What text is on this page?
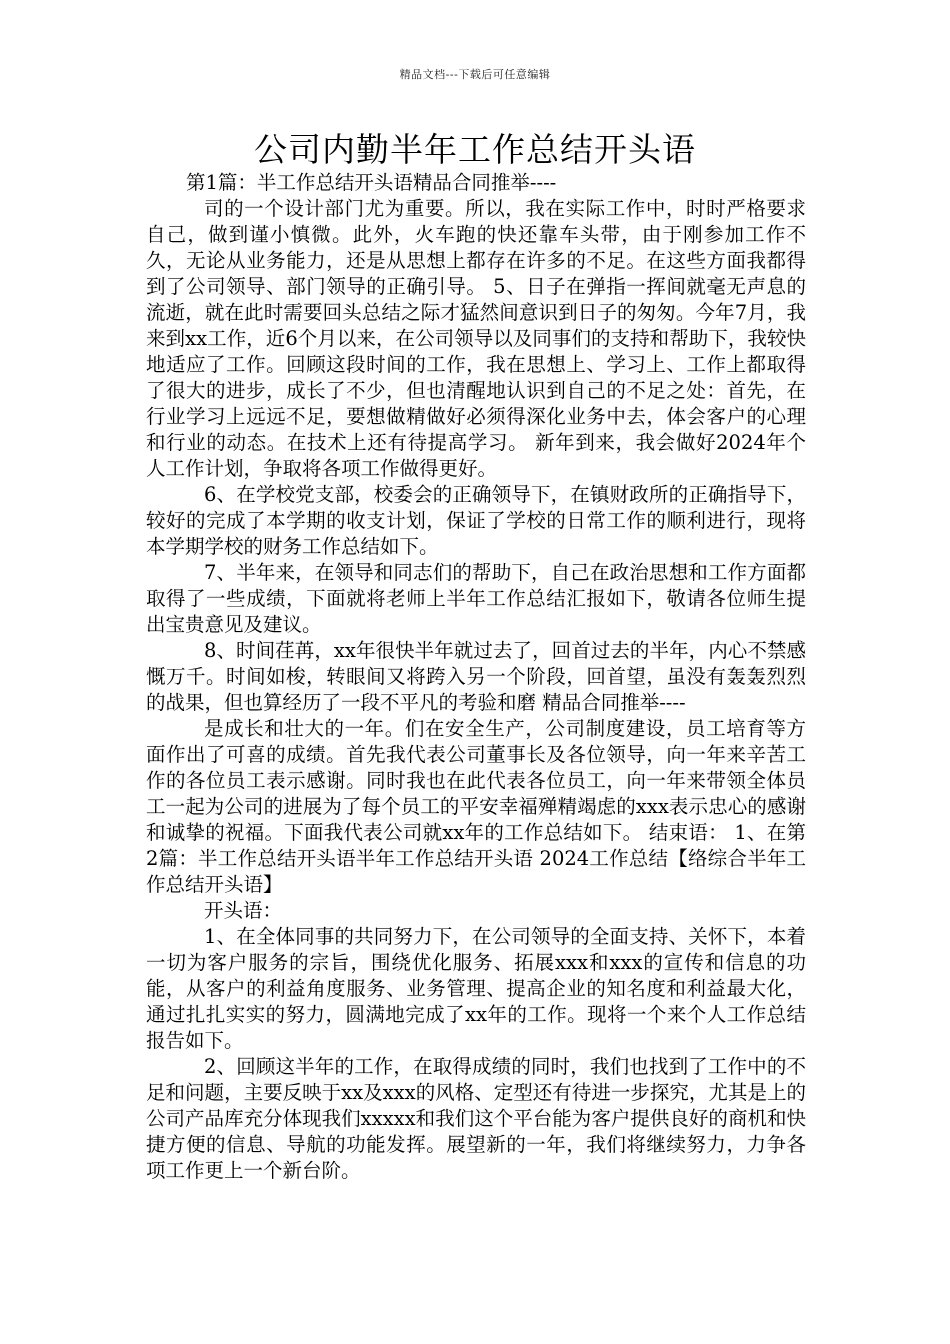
精品文档---下载后可任意编辑
公司内勤半年工作总结开头语

第1篇：半工作总结开头语精品合同推举----

司的一个设计部门尤为重要。所以，我在实际工作中，时时严格要求自己，做到谨小慎微。此外，火车跑的快还靠车头带，由于刚参加工作不久，无论从业务能力，还是从思想上都存在许多的不足。在这些方面我都得到了公司领导、部门领导的正确引导。 5、日子在弹指一挥间就毫无声息的流逝，就在此时需要回头总结之际才猛然间意识到日子的匆匆。今年7月，我来到xx工作，近6个月以来，在公司领导以及同事们的支持和帮助下，我较快地适应了工作。回顾这段时间的工作，我在思想上、学习上、工作上都取得了很大的进步，成长了不少，但也清醒地认识到自己的不足之处：首先，在行业学习上远远不足，要想做精做好必须得深化业务中去，体会客户的心理和行业的动态。在技术上还有待提高学习。 新年到来，我会做好2024年个人工作计划，争取将各项工作做得更好。

6、在学校党支部，校委会的正确领导下，在镇财政所的正确指导下，较好的完成了本学期的收支计划，保证了学校的日常工作的顺利进行，现将本学期学校的财务工作总结如下。

7、半年来，在领导和同志们的帮助下，自己在政治思想和工作方面都取得了一些成绩，下面就将老师上半年工作总结汇报如下，敬请各位师生提出宝贵意见及建议。

8、时间荏苒，xx年很快半年就过去了，回首过去的半年，内心不禁感慨万千。时间如梭，转眼间又将跨入另一个阶段，回首望，虽没有轰轰烈烈的战果，但也算经历了一段不平凡的考验和磨 精品合同推举----

是成长和壮大的一年。们在安全生产，公司制度建设，员工培育等方面作出了可喜的成绩。首先我代表公司董事长及各位领导，向一年来辛苦工作的各位员工表示感谢。同时我也在此代表各位员工，向一年来带领全体员工一起为公司的进展为了每个员工的平安幸福殚精竭虑的xxx表示忠心的感谢和诚挚的祝福。下面我代表公司就xx年的工作总结如下。 结束语： 1、在第2篇：半工作总结开头语半年工作总结开头语 2024工作总结【络综合半年工作总结开头语】

开头语：

1、在全体同事的共同努力下，在公司领导的全面支持、关怀下，本着一切为客户服务的宗旨，围绕优化服务、拓展xxx和xxx的宣传和信息的功能，从客户的利益角度服务、业务管理、提高企业的知名度和利益最大化，通过扎扎实实的努力，圆满地完成了xx年的工作。现将一个来个人工作总结报告如下。

2、回顾这半年的工作，在取得成绩的同时，我们也找到了工作中的不足和问题，主要反映于xx及xxx的风格、定型还有待进一步探究，尤其是上的公司产品库充分体现我们xxxxx和我们这个平台能为客户提供良好的商机和快捷方便的信息、导航的功能发挥。展望新的一年，我们将继续努力，力争各项工作更上一个新台阶。
